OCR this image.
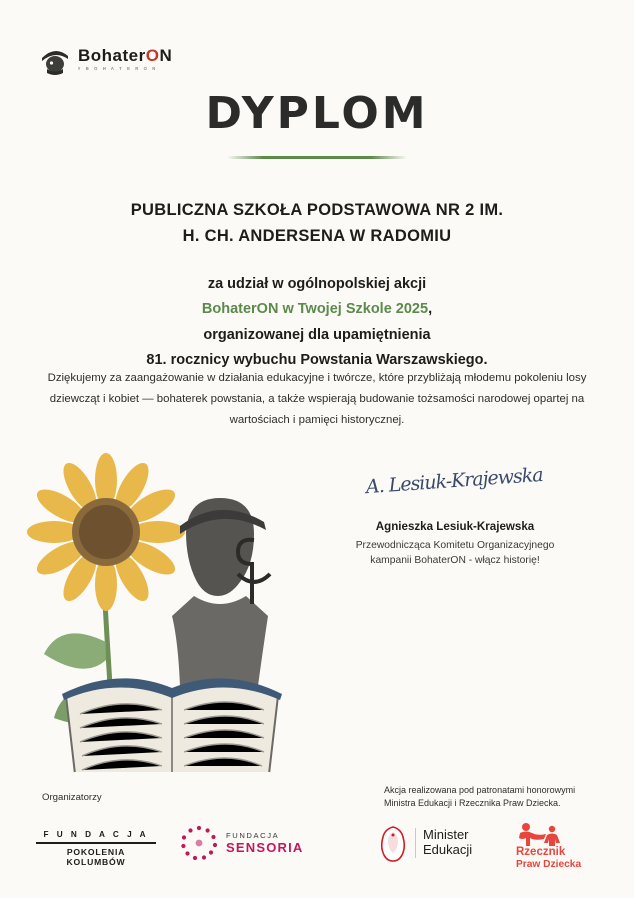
BohaterON
# B O H A T E R O N
DYPLOM
PUBLICZNA SZKOŁA PODSTAWOWA NR 2 IM.
H. CH. ANDERSENA W RADOMIU
za udział w ogólnopolskiej akcji
BohaterON w Twojej Szkole 2025,
organizowanej dla upamiętnienia
81. rocznicy wybuchu Powstania Warszawskiego.
Dziękujemy za zaangażowanie w działania edukacyjne i twórcze, które przybliżają młodemu pokoleniu losy dziewcząt i kobiet — bohaterek powstania, a także wspierają budowanie tożsamości narodowej opartej na wartościach i pamięci historycznej.
A. Lesiuk-Krajewska
Agnieszka Lesiuk-Krajewska
Przewodnicząca Komitetu Organizacyjnego
kampanii BohaterON - włącz historię!
Organizatorzy
Akcja realizowana pod patronatami honorowymi
Ministra Edukacji i Rzecznika Praw Dziecka.
F U N D A C J A
POKOLENIA KOLUMBÓW
FUNDACJA
SENSORIA
Minister
Edukacji	Rzecznik
Praw Dziecka
